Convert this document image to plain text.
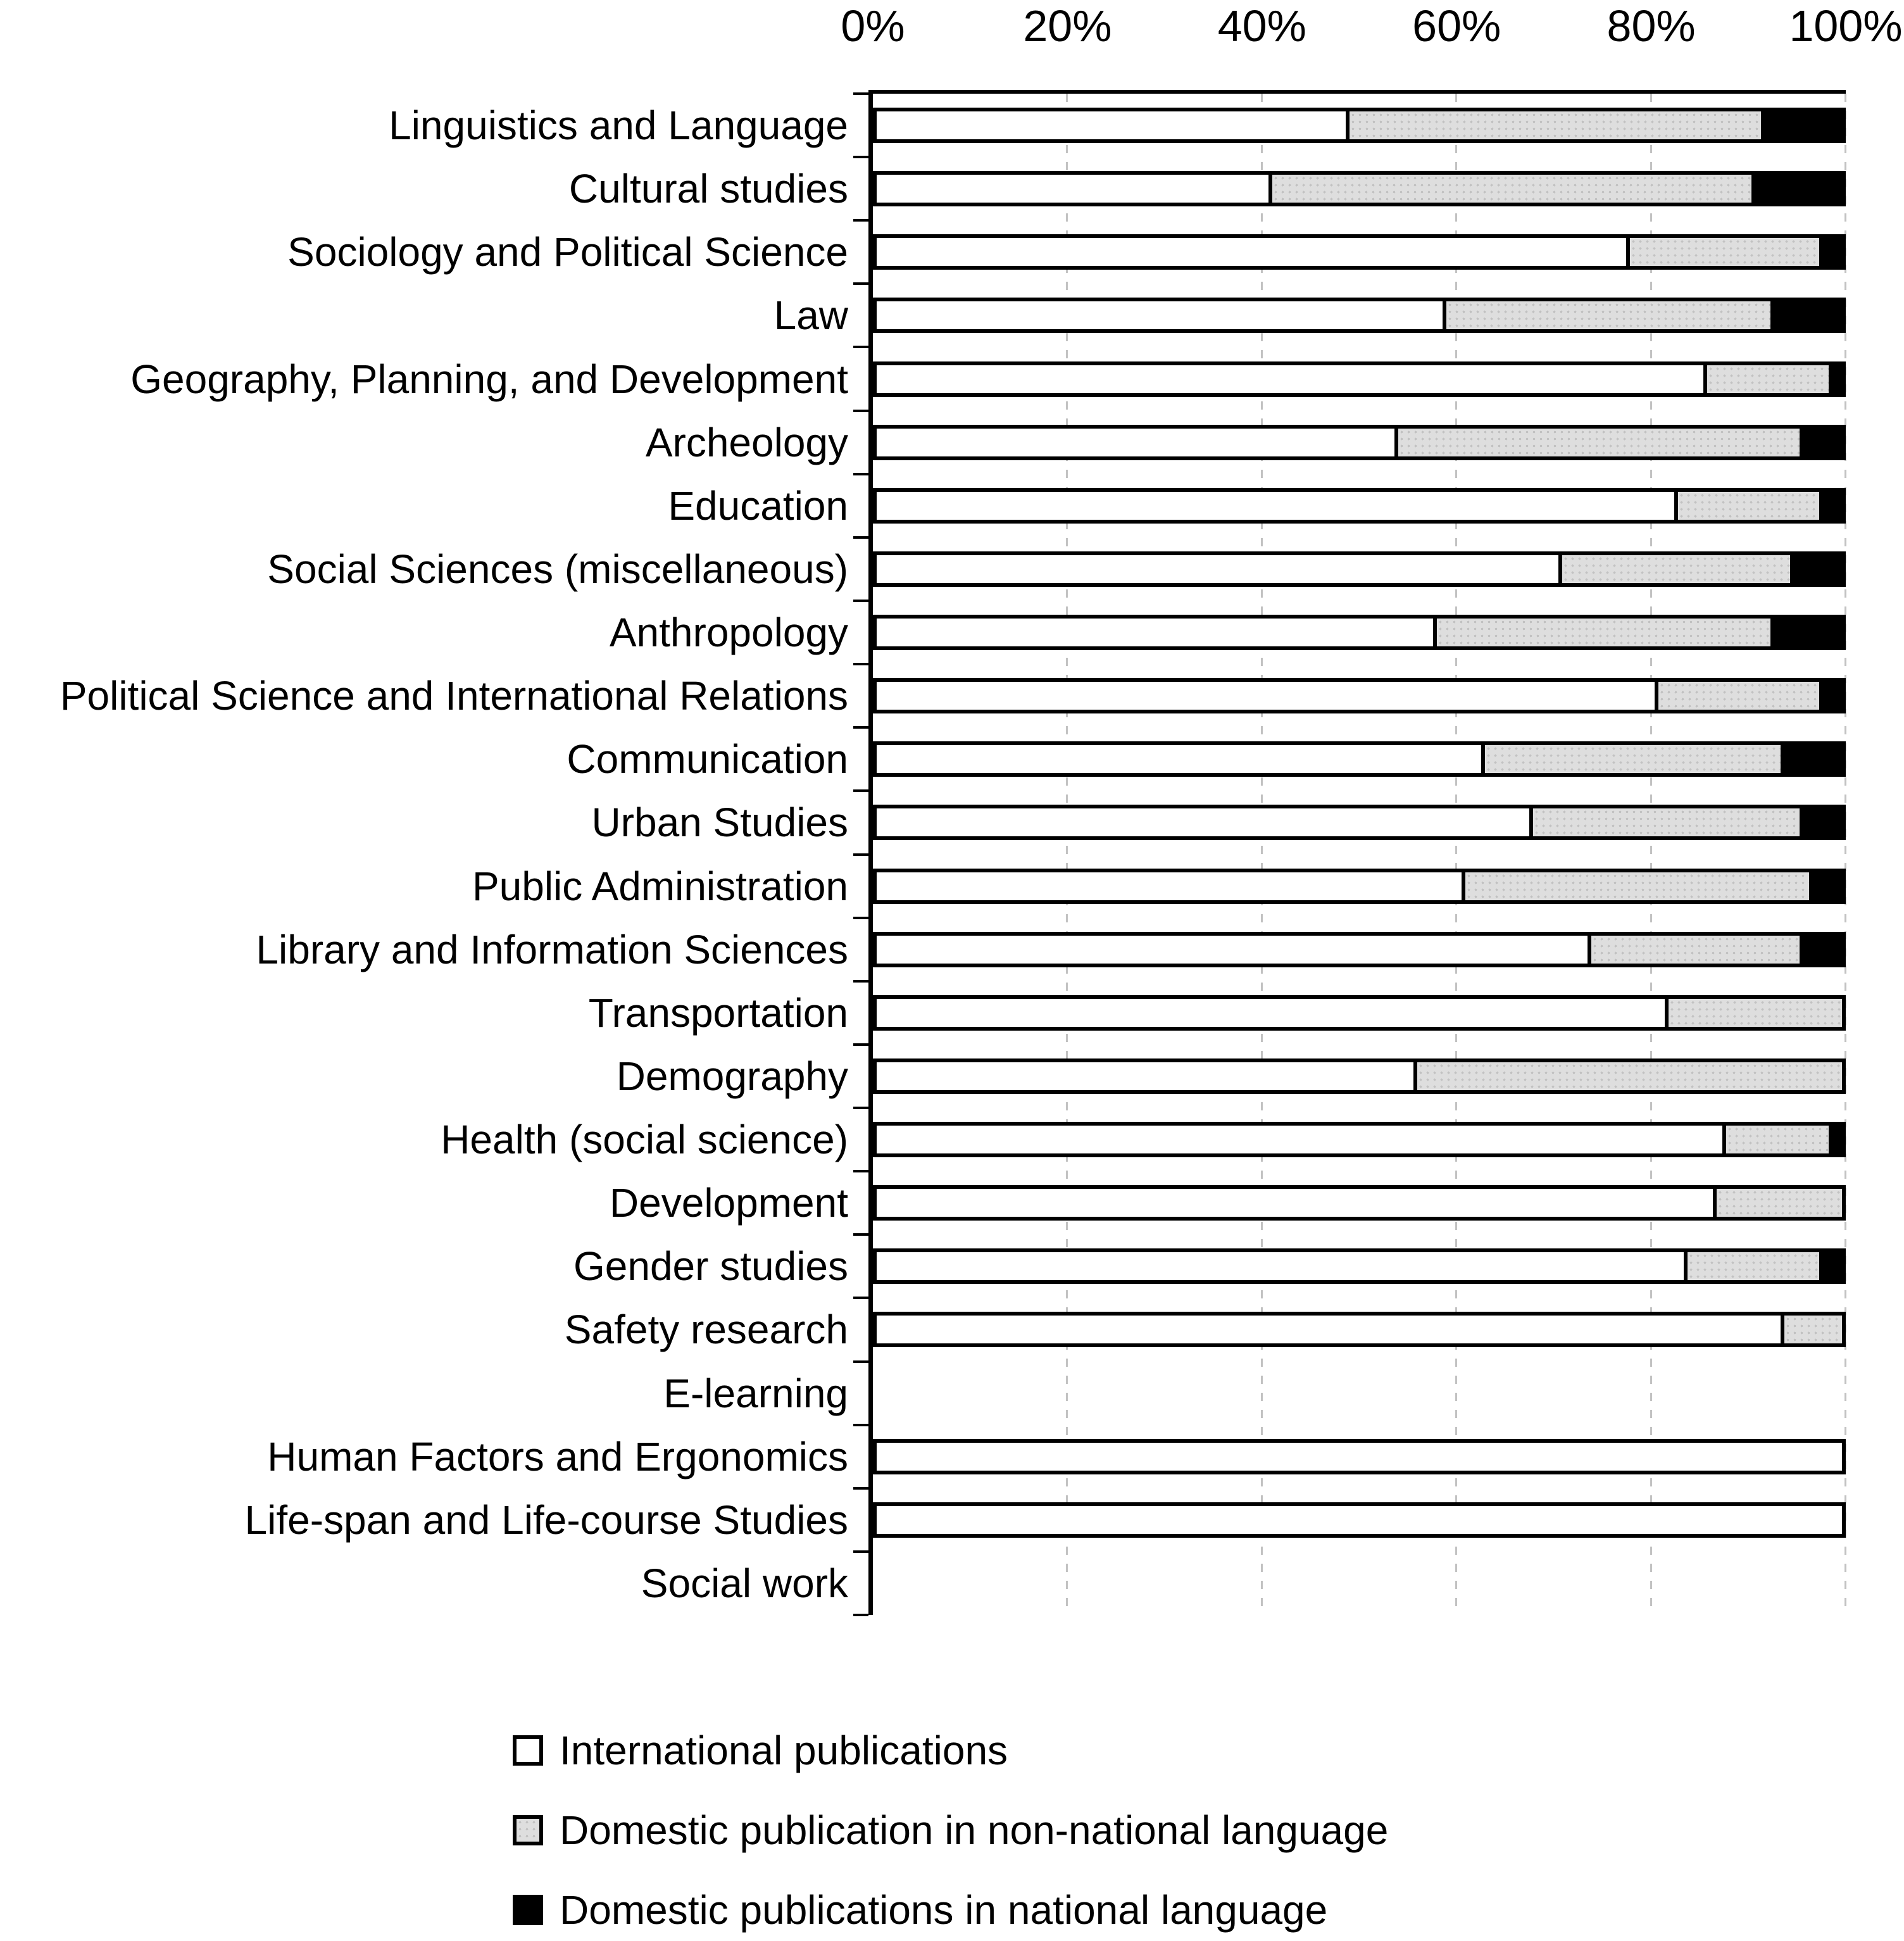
0%	20% 40% 60% 80% 100%
Linguistics and Language
Cultural studies
Sociology and Political Science
Law
Geography, Planning, and Development
Archeology
Education
Social Sciences (miscellaneous)
Anthropology
Political Science and International Relations
Communication
Urban Studies
Public Administration
Library and Information Sciences
Transportation
Demography
Health (social science)
Development
Gender studies
Safety research
E-learning
Human Factors and Ergonomics
Life-span and Life-course Studies
Social work
International publications
Domestic publication in non-national language
Domestic publications in national language
